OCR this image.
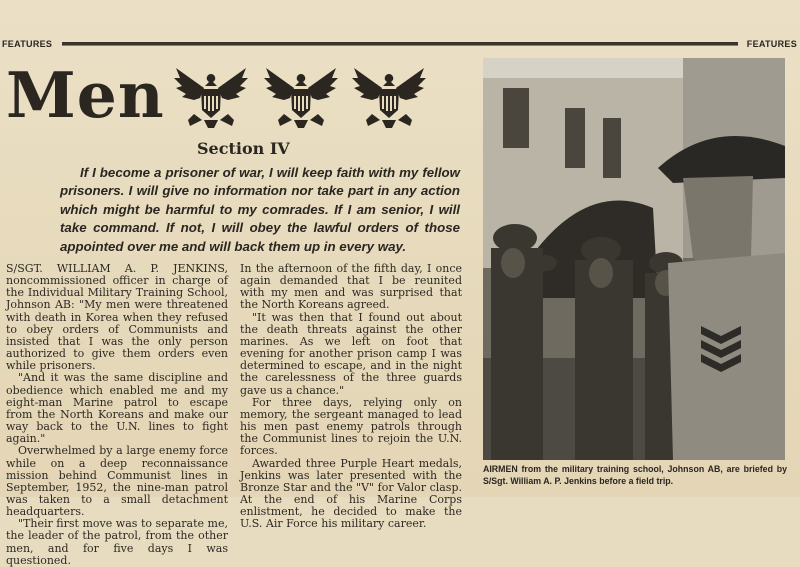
FEATURES	FEATURES
Men
Section IV
If I become a prisoner of war, I will keep faith with my fellow prisoners. I will give no information nor take part in any action which might be harmful to my comrades. If I am senior, I will take command. If not, I will obey the lawful orders of those appointed over me and will back them up in every way.

S/SGT. WILLIAM A. P. JENKINS, noncommissioned officer in charge of the Individual Military Training School, Johnson AB: "My men were threatened with death in Korea when they refused to obey orders of Communists and insisted that I was the only person authorized to give them orders even while prisoners.

"And it was the same discipline and obedience which enabled me and my eight-man Marine patrol to escape from the North Koreans and make our way back to the U.N. lines to fight again."

Overwhelmed by a large enemy force while on a deep reconnaissance mission behind Communist lines in September, 1952, the nine-man patrol was taken to a small detachment headquarters.

"Their first move was to separate me, the leader of the patrol, from the other men, and for five days I was questioned.

In the afternoon of the fifth day, I once again demanded that I be reunited with my men and was surprised that the North Koreans agreed.

"It was then that I found out about the death threats against the other marines. As we left on foot that evening for another prison camp I was determined to escape, and in the night the carelessness of the three guards gave us a chance."

For three days, relying only on memory, the sergeant managed to lead his men past enemy patrols through the Communist lines to rejoin the U.N. forces.

Awarded three Purple Heart medals, Jenkins was later presented with the Bronze Star and the "V" for Valor clasp. At the end of his Marine Corps enlistment, he decided to make the U.S. Air Force his military career.

AIRMEN from the military training school, Johnson AB, are briefed by S/Sgt. William A. P. Jenkins before a field trip.
